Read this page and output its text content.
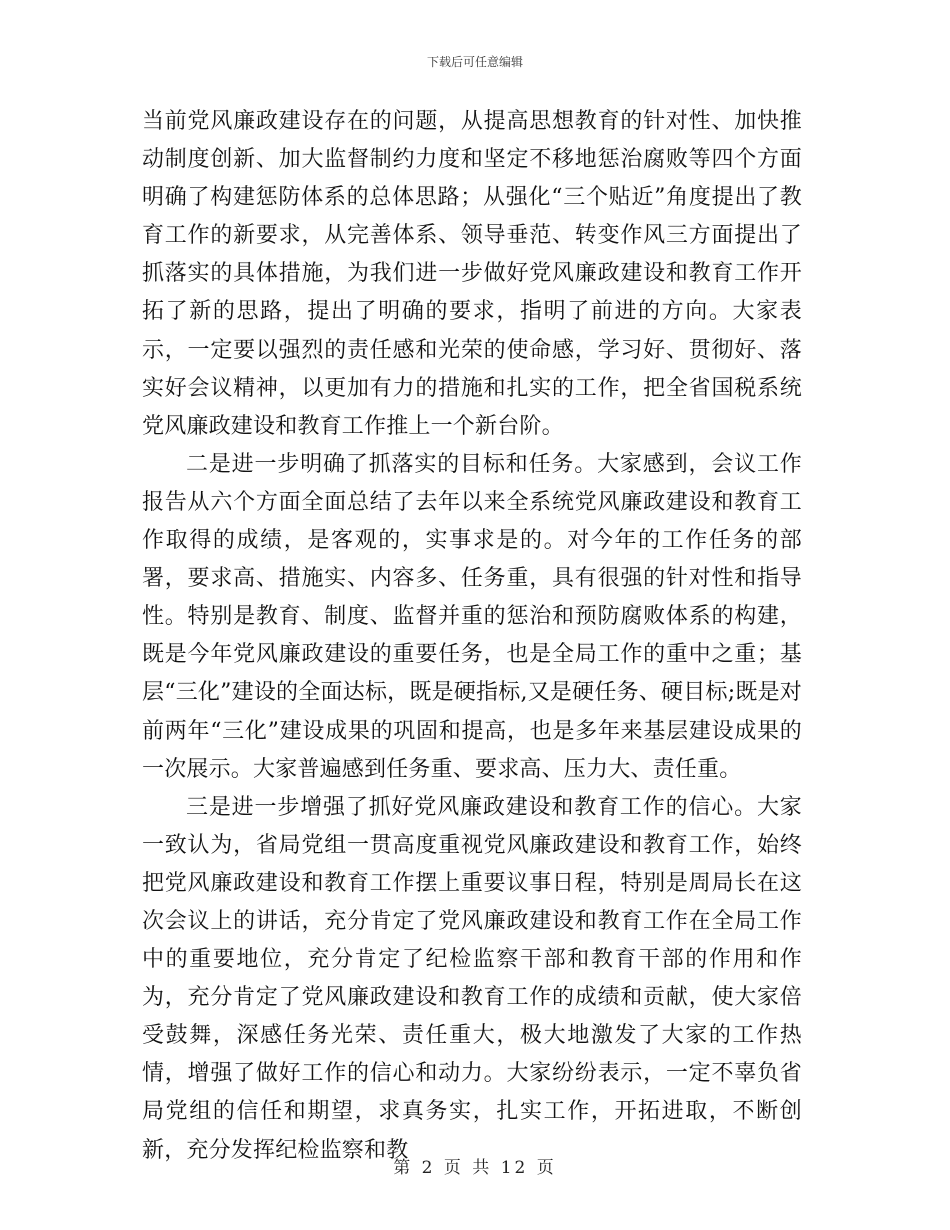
下载后可任意编辑

当前党风廉政建设存在的问题，从提高思想教育的针对性、加快推动制度创新、加大监督制约力度和坚定不移地惩治腐败等四个方面明确了构建惩防体系的总体思路；从强化“三个贴近”角度提出了教育工作的新要求，从完善体系、领导垂范、转变作风三方面提出了抓落实的具体措施，为我们进一步做好党风廉政建设和教育工作开拓了新的思路，提出了明确的要求，指明了前进的方向。大家表示，一定要以强烈的责任感和光荣的使命感，学习好、贯彻好、落实好会议精神，以更加有力的措施和扎实的工作，把全省国税系统党风廉政建设和教育工作推上一个新台阶。

二是进一步明确了抓落实的目标和任务。大家感到，会议工作报告从六个方面全面总结了去年以来全系统党风廉政建设和教育工作取得的成绩，是客观的，实事求是的。对今年的工作任务的部署，要求高、措施实、内容多、任务重，具有很强的针对性和指导性。特别是教育、制度、监督并重的惩治和预防腐败体系的构建，既是今年党风廉政建设的重要任务，也是全局工作的重中之重；基层“三化”建设的全面达标，既是硬指标,又是硬任务、硬目标;既是对前两年“三化”建设成果的巩固和提高，也是多年来基层建设成果的一次展示。大家普遍感到任务重、要求高、压力大、责任重。

三是进一步增强了抓好党风廉政建设和教育工作的信心。大家一致认为，省局党组一贯高度重视党风廉政建设和教育工作，始终把党风廉政建设和教育工作摆上重要议事日程，特别是周局长在这次会议上的讲话，充分肯定了党风廉政建设和教育工作在全局工作中的重要地位，充分肯定了纪检监察干部和教育干部的作用和作为，充分肯定了党风廉政建设和教育工作的成绩和贡献，使大家倍受鼓舞，深感任务光荣、责任重大，极大地激发了大家的工作热情，增强了做好工作的信心和动力。大家纷纷表示，一定不辜负省局党组的信任和期望，求真务实，扎实工作，开拓进取，不断创新，充分发挥纪检监察和教

第 2 页 共 12 页
